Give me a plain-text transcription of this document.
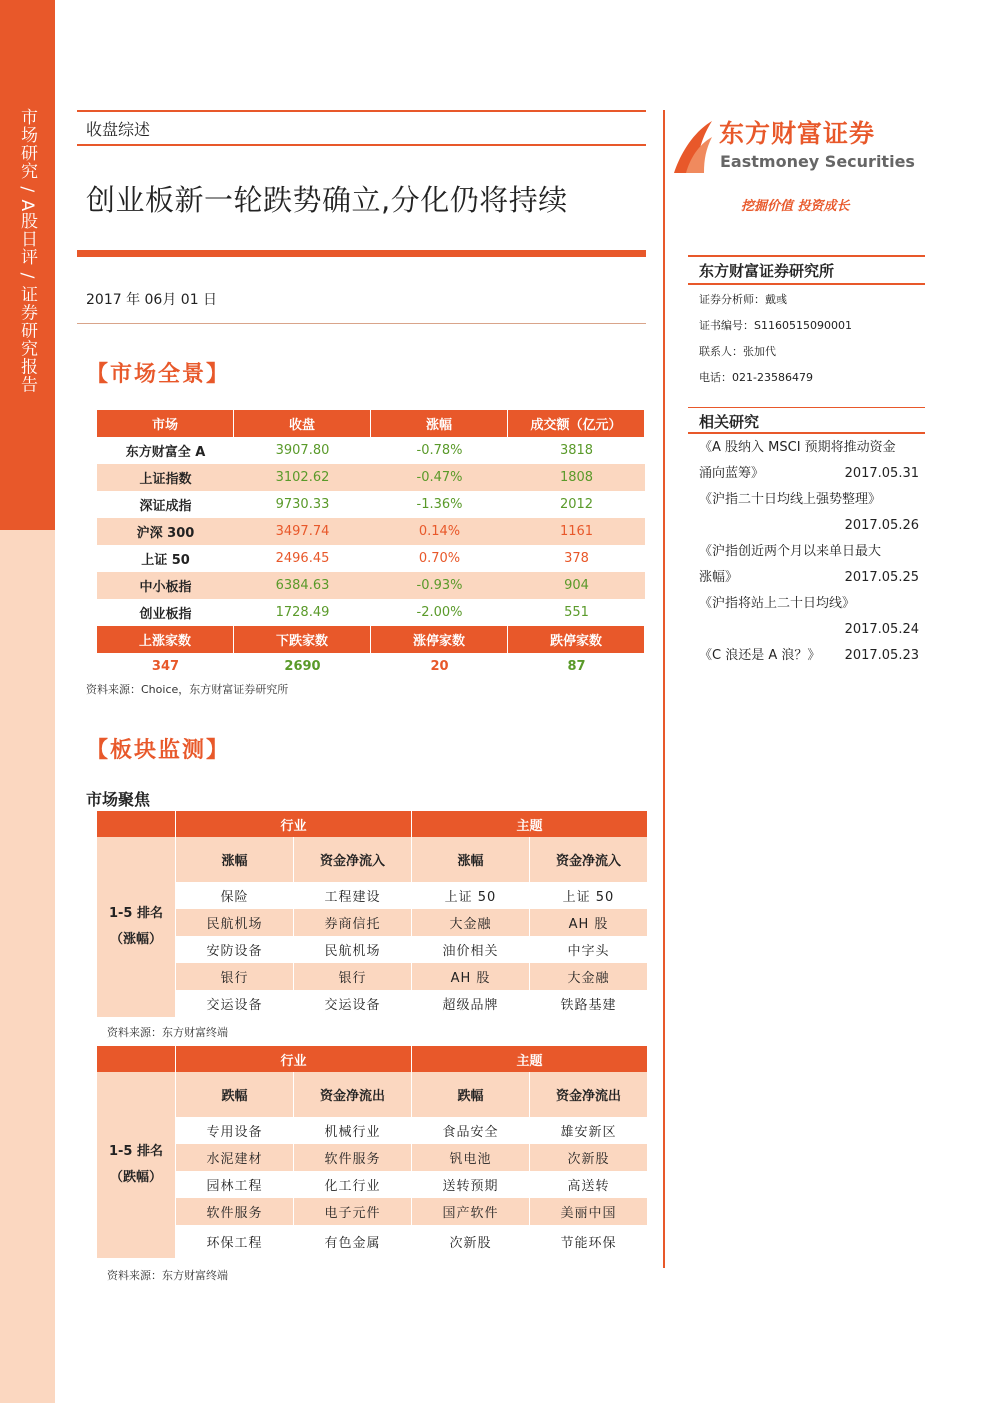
市场研究 / A股日评 / 证券研究报告	收盘综述
创业板新一轮跌势确立,分化仍将持续
2017 年 06月 01 日
【市场全景】
市场	收盘	涨幅	成交额（亿元）
东方财富全 A	3907.80	-0.78%	3818
上证指数	3102.62	-0.47%	1808
深证成指	9730.33	-1.36%	2012
沪深 300	3497.74	0.14%	1161
上证 50	2496.45	0.70%	378
中小板指	6384.63	-0.93%	904
创业板指	1728.49	-2.00%	551
上涨家数	下跌家数	涨停家数	跌停家数
347	2690	20	87
资料来源：Choice，东方财富证券研究所
【板块监测】
市场聚焦
行业	主题
1-5 排名
（涨幅）
涨幅	资金净流入	涨幅	资金净流入
保险	工程建设	上证 50	上证 50
民航机场	券商信托	大金融	AH 股
安防设备	民航机场	油价相关	中字头
银行	银行	AH 股	大金融
交运设备	交运设备	超级品牌	铁路基建
资料来源：东方财富终端
行业	主题
1-5 排名
（跌幅）
跌幅	资金净流出	跌幅	资金净流出
专用设备	机械行业	食品安全	雄安新区
水泥建材	软件服务	钒电池	次新股
园林工程	化工行业	送转预期	高送转
软件服务	电子元件	国产软件	美丽中国
环保工程	有色金属	次新股	节能环保
资料来源：东方财富终端
东方财富证券
Eastmoney Securities
挖掘价值 投资成长
东方财富证券研究所
证券分析师：戴彧
证书编号：S1160515090001
联系人：张加代
电话：021-23586479
相关研究
《A 股纳入 MSCI 预期将推动资金
涌向蓝筹》	2017.05.31
《沪指二十日均线上强势整理》
2017.05.26
《沪指创近两个月以来单日最大
涨幅》	2017.05.25
《沪指将站上二十日均线》
2017.05.24
《C 浪还是 A 浪？》 2017.05.23
